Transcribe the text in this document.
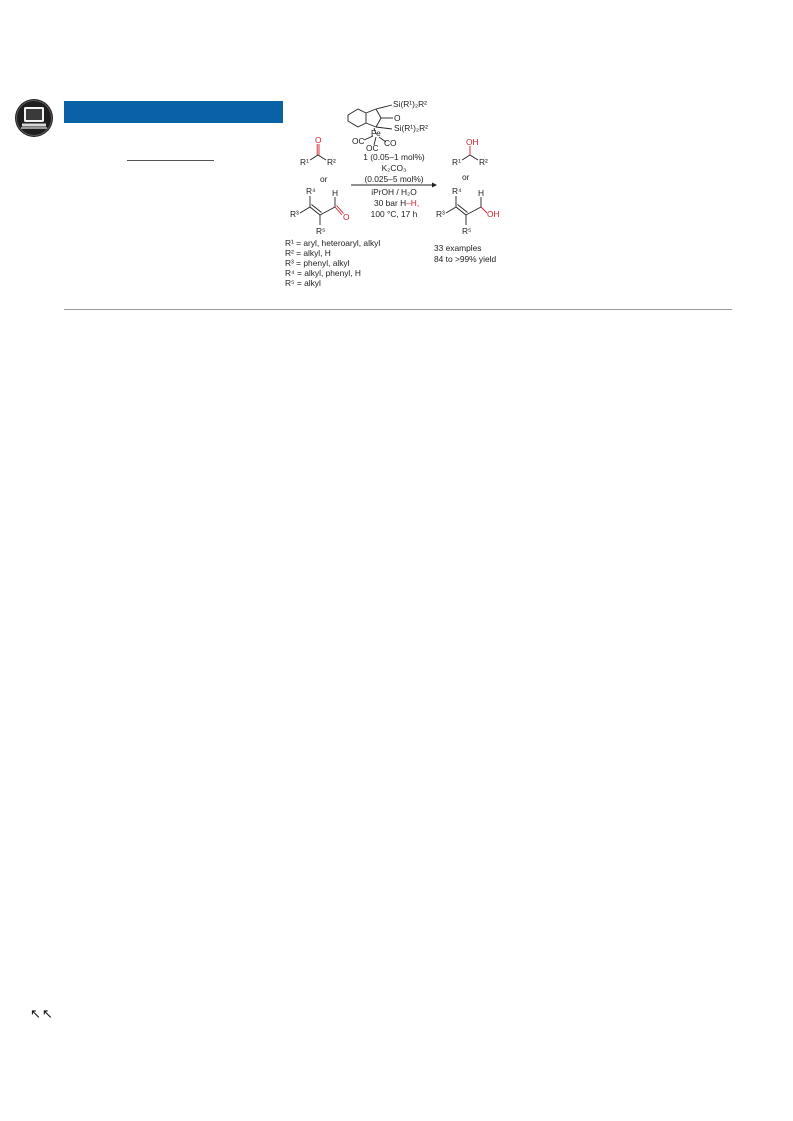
Si(R¹)₂R²
O
Si(R¹)₂R²
Fe
OC
OC CO
O
R¹ R²
or
R⁴ H
R³	O
R⁵
1 (0.05–1 mol%)
K₂CO₃
(0.025–5 mol%)
iPrOH / H₂O
30 bar H–H,
100 °C, 17 h
OH
R¹ R²
or
R⁴ H
R³	OH
R⁵
R¹ = aryl, heteroaryl, alkyl
R² = alkyl, H
R³ = phenyl, alkyl
R⁴ = alkyl, phenyl, H
R⁵ = alkyl
33 examples
84 to >99% yield
↖↖
